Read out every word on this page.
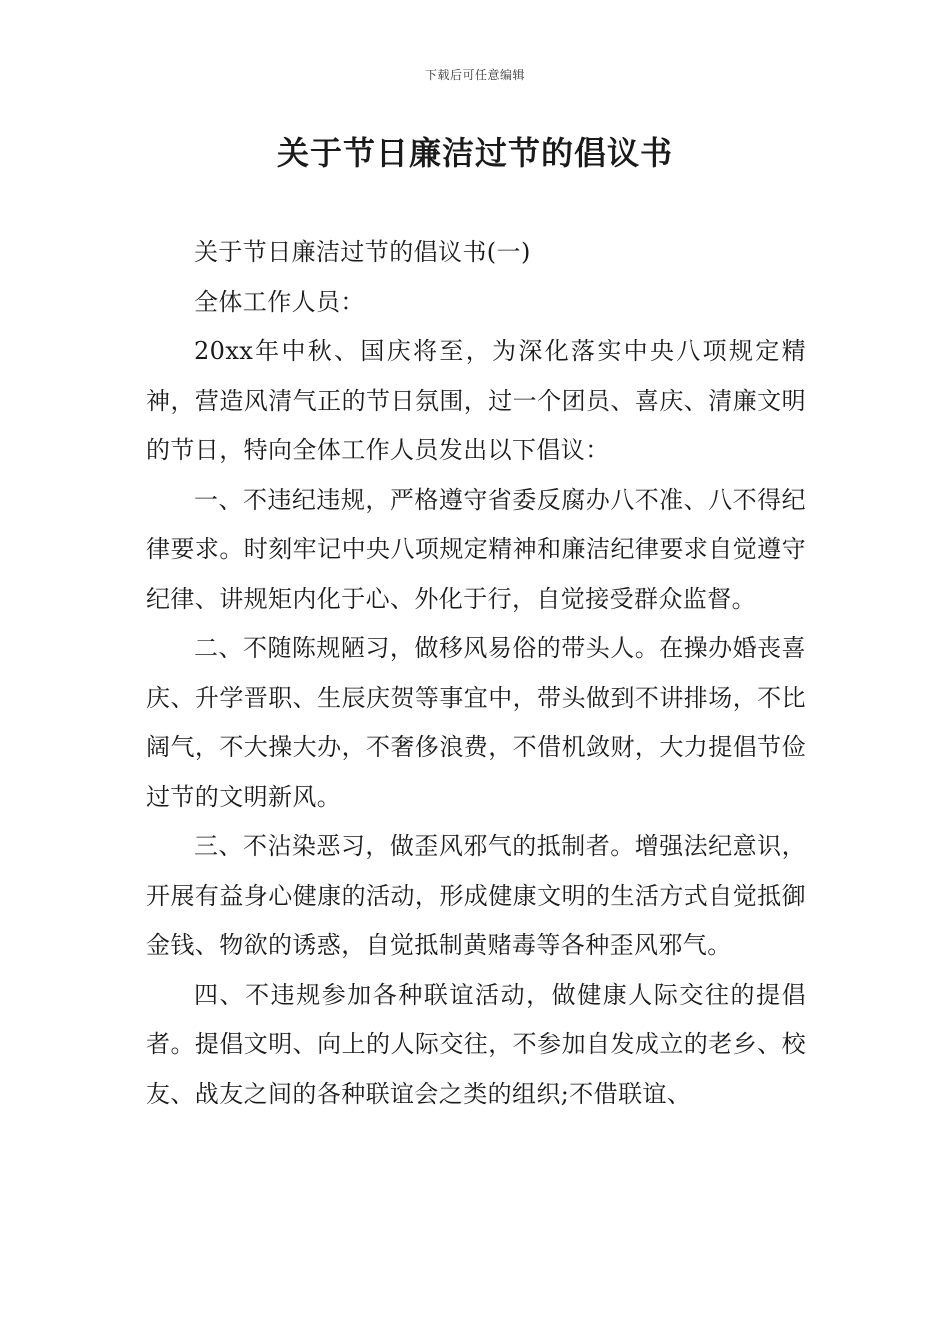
下载后可任意编辑
关于节日廉洁过节的倡议书

关于节日廉洁过节的倡议书(一)

全体工作人员：

20xx年中秋、国庆将至，为深化落实中央八项规定精神，营造风清气正的节日氛围，过一个团员、喜庆、清廉文明的节日，特向全体工作人员发出以下倡议：

一、不违纪违规，严格遵守省委反腐办八不准、八不得纪律要求。时刻牢记中央八项规定精神和廉洁纪律要求自觉遵守纪律、讲规矩内化于心、外化于行，自觉接受群众监督。

二、不随陈规陋习，做移风易俗的带头人。在操办婚丧喜庆、升学晋职、生辰庆贺等事宜中，带头做到不讲排场，不比阔气，不大操大办，不奢侈浪费，不借机敛财，大力提倡节俭过节的文明新风。

三、不沾染恶习，做歪风邪气的抵制者。增强法纪意识，开展有益身心健康的活动，形成健康文明的生活方式自觉抵御金钱、物欲的诱惑，自觉抵制黄赌毒等各种歪风邪气。

四、不违规参加各种联谊活动，做健康人际交往的提倡者。提倡文明、向上的人际交往，不参加自发成立的老乡、校友、战友之间的各种联谊会之类的组织;不借联谊、
